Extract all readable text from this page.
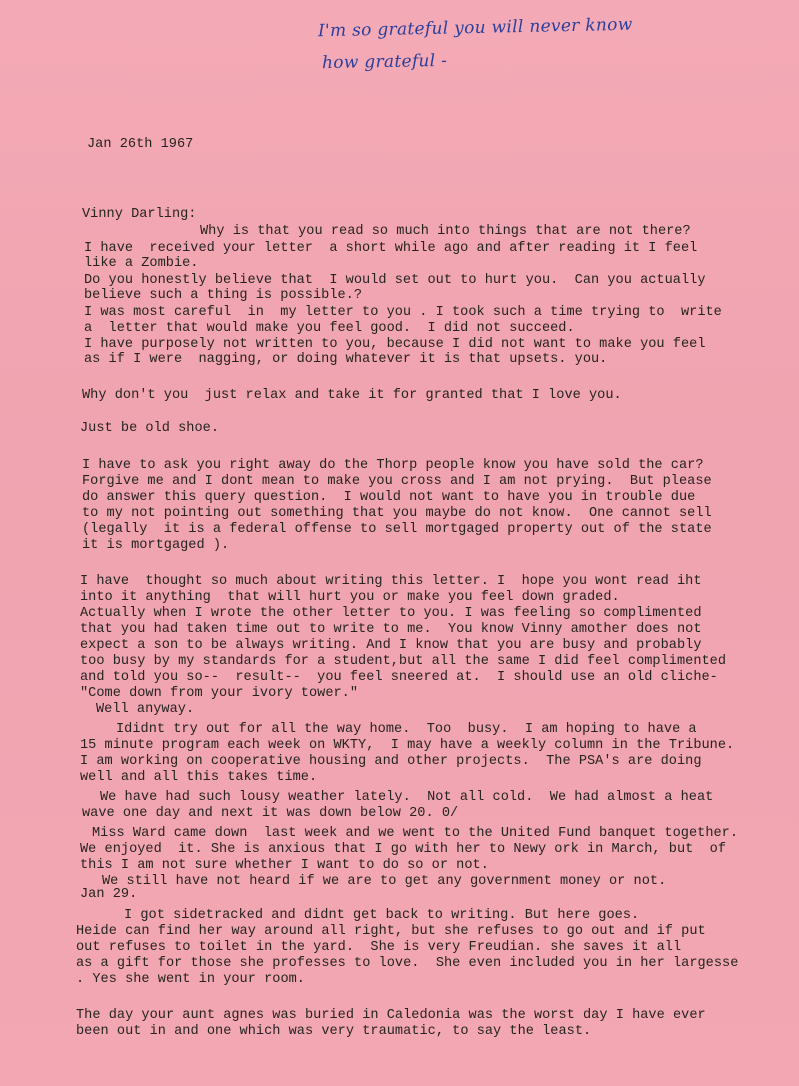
I'm so grateful you will never know
how grateful -
Jan 26th 1967
Vinny Darling:
Why is that you read so much into things that are not there?
I have  received your letter  a short while ago and after reading it I feel
like a Zombie.
Do you honestly believe that  I would set out to hurt you.  Can you actually
believe such a thing is possible.?
I was most careful  in  my letter to you . I took such a time trying to  write
a  letter that would make you feel good.  I did not succeed.
I have purposely not written to you, because I did not want to make you feel
as if I were  nagging, or doing whatever it is that upsets. you.
Why don't you  just relax and take it for granted that I love you.
Just be old shoe.
I have to ask you right away do the Thorp people know you have sold the car?
Forgive me and I dont mean to make you cross and I am not prying.  But please
do answer this query question.  I would not want to have you in trouble due
to my not pointing out something that you maybe do not know.  One cannot sell
(legally  it is a federal offense to sell mortgaged property out of the state
it is mortgaged ).
I have  thought so much about writing this letter. I  hope you wont read iht
into it anything  that will hurt you or make you feel down graded.
Actually when I wrote the other letter to you. I was feeling so complimented
that you had taken time out to write to me.  You know Vinny amother does not
expect a son to be always writing. And I know that you are busy and probably
too busy by my standards for a student,but all the same I did feel complimented
and told you so--  result--  you feel sneered at.  I should use an old cliche-
"Come down from your ivory tower."
Well anyway.
Ididnt try out for all the way home.  Too  busy.  I am hoping to have a
15 minute program each week on WKTY,  I may have a weekly column in the Tribune.
I am working on cooperative housing and other projects.  The PSA's are doing
well and all this takes time.
We have had such lousy weather lately.  Not all cold.  We had almost a heat
wave one day and next it was down below 20. 0/
Miss Ward came down  last week and we went to the United Fund banquet together.
We enjoyed  it. She is anxious that I go with her to Newy ork in March, but  of
this I am not sure whether I want to do so or not.
We still have not heard if we are to get any government money or not.
Jan 29.
I got sidetracked and didnt get back to writing. But here goes.
Heide can find her way around all right, but she refuses to go out and if put
out refuses to toilet in the yard.  She is very Freudian. she saves it all
as a gift for those she professes to love.  She even included you in her largesse
. Yes she went in your room.
The day your aunt agnes was buried in Caledonia was the worst day I have ever
been out in and one which was very traumatic, to say the least.
